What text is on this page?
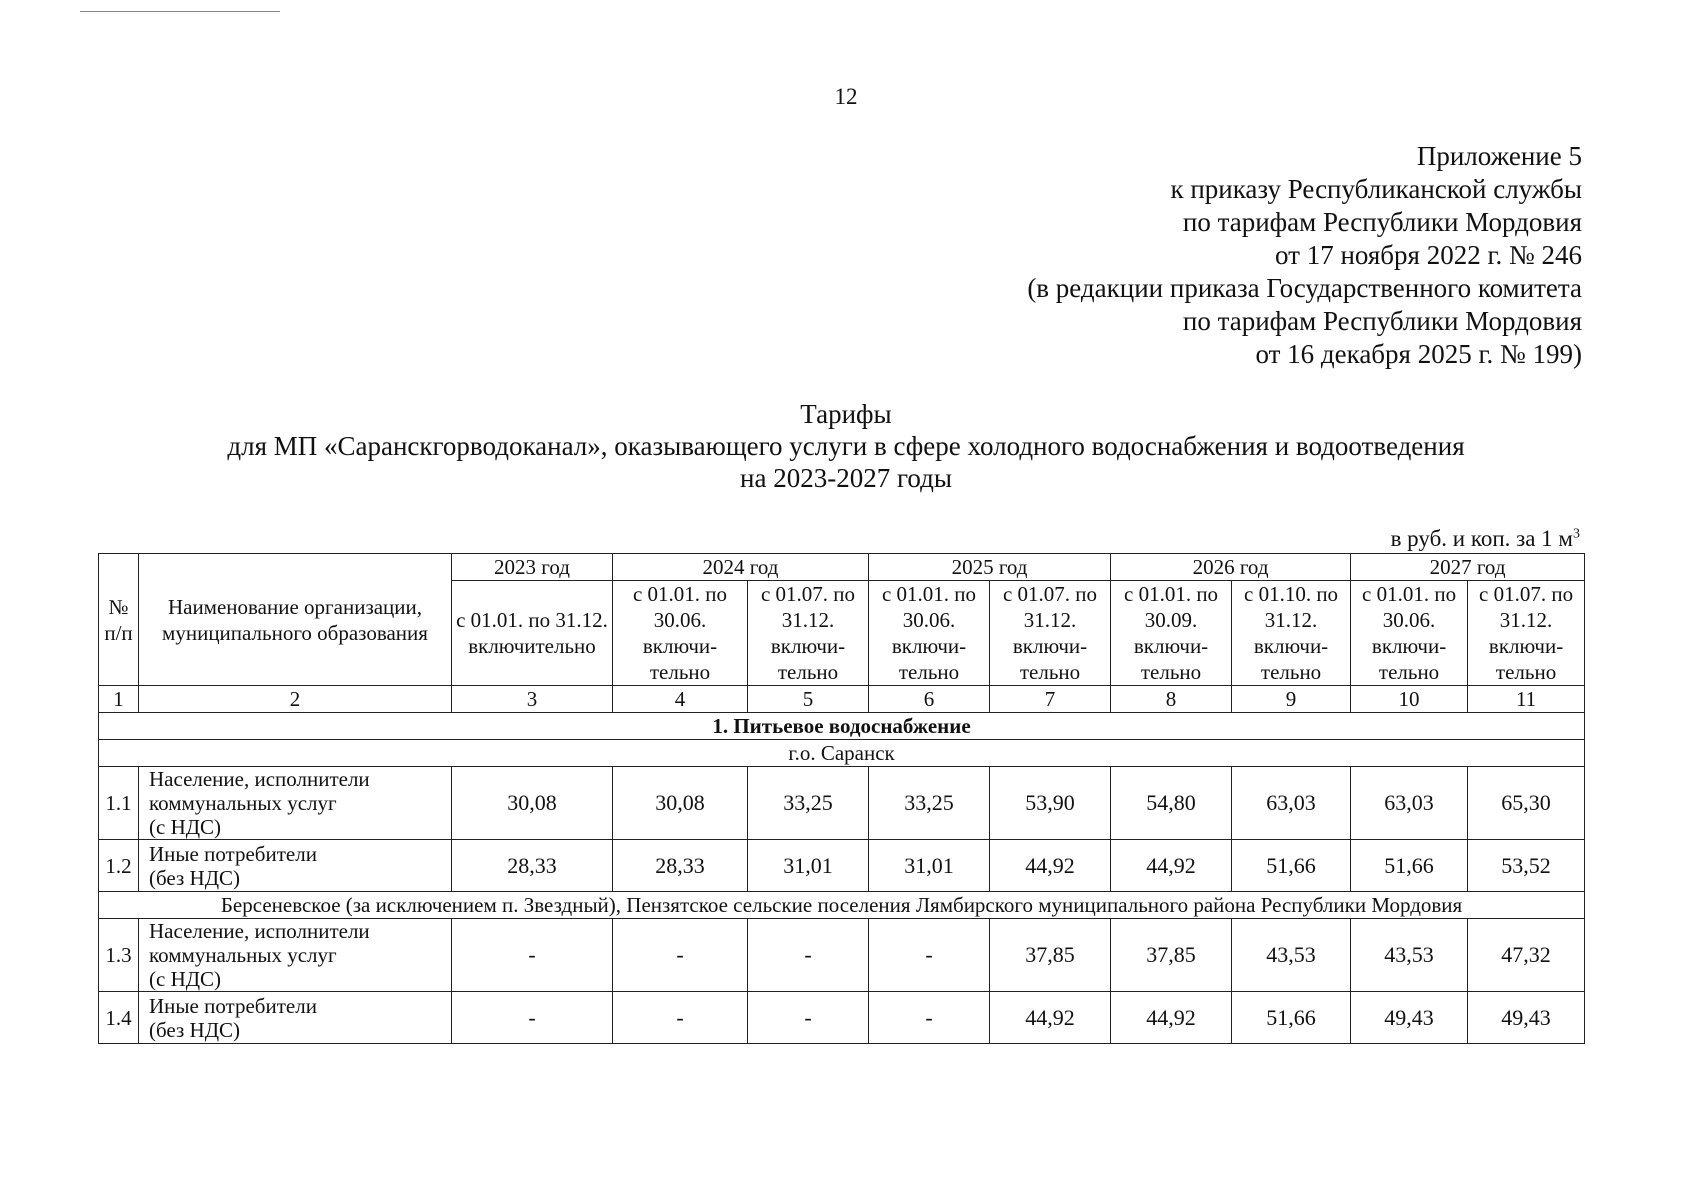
12
Приложение 5
к приказу Республиканской службы
по тарифам Республики Мордовия
от 17 ноября 2022 г. № 246
(в редакции приказа Государственного комитета
по тарифам Республики Мордовия
от 16 декабря 2025 г. № 199)
Тарифы
для МП «Саранскгорводоканал», оказывающего услуги в сфере холодного водоснабжения и водоотведения
на 2023-2027 годы
в руб. и коп. за 1 $м^3$
№ п/п	Наименование организации, муниципального образования	2023 год	2024 год		2025 год		2026 год		2027 год	
		с 01.01. по 31.12. включительно	с 01.01. по 30.06. включи- тельно	с 01.07. по 31.12. включи- тельно	с 01.01. по 30.06. включи- тельно	с 01.07. по 31.12. включи- тельно	с 01.01. по 30.09. включи- тельно	с 01.10. по 31.12. включи- тельно	с 01.01. по 30.06. включи- тельно	с 01.07. по 31.12. включи- тельно
1	2	3	4	5	6	7	8	9	10	11
1. Питьевое водоснабжение										
г.о. Саранск										
1.1	Население, исполнители
коммунальных услуг
(с НДС)	30,08	30,08	33,25	33,25	53,90	54,80	63,03	63,03	65,30
1.2	Иные потребители
(без НДС)	28,33	28,33	31,01	31,01	44,92	44,92	51,66	51,66	53,52
Берсеневское (за исключением п. Звездный), Пензятское сельские поселения Лямбирского муниципального района Республики Мордовия										
1.3	Население, исполнители
коммунальных услуг
(с НДС)	-	-	-	-	37,85	37,85	43,53	43,53	47,32
1.4	Иные потребители
(без НДС)	-	-	-	-	44,92	44,92	51,66	49,43	49,43
